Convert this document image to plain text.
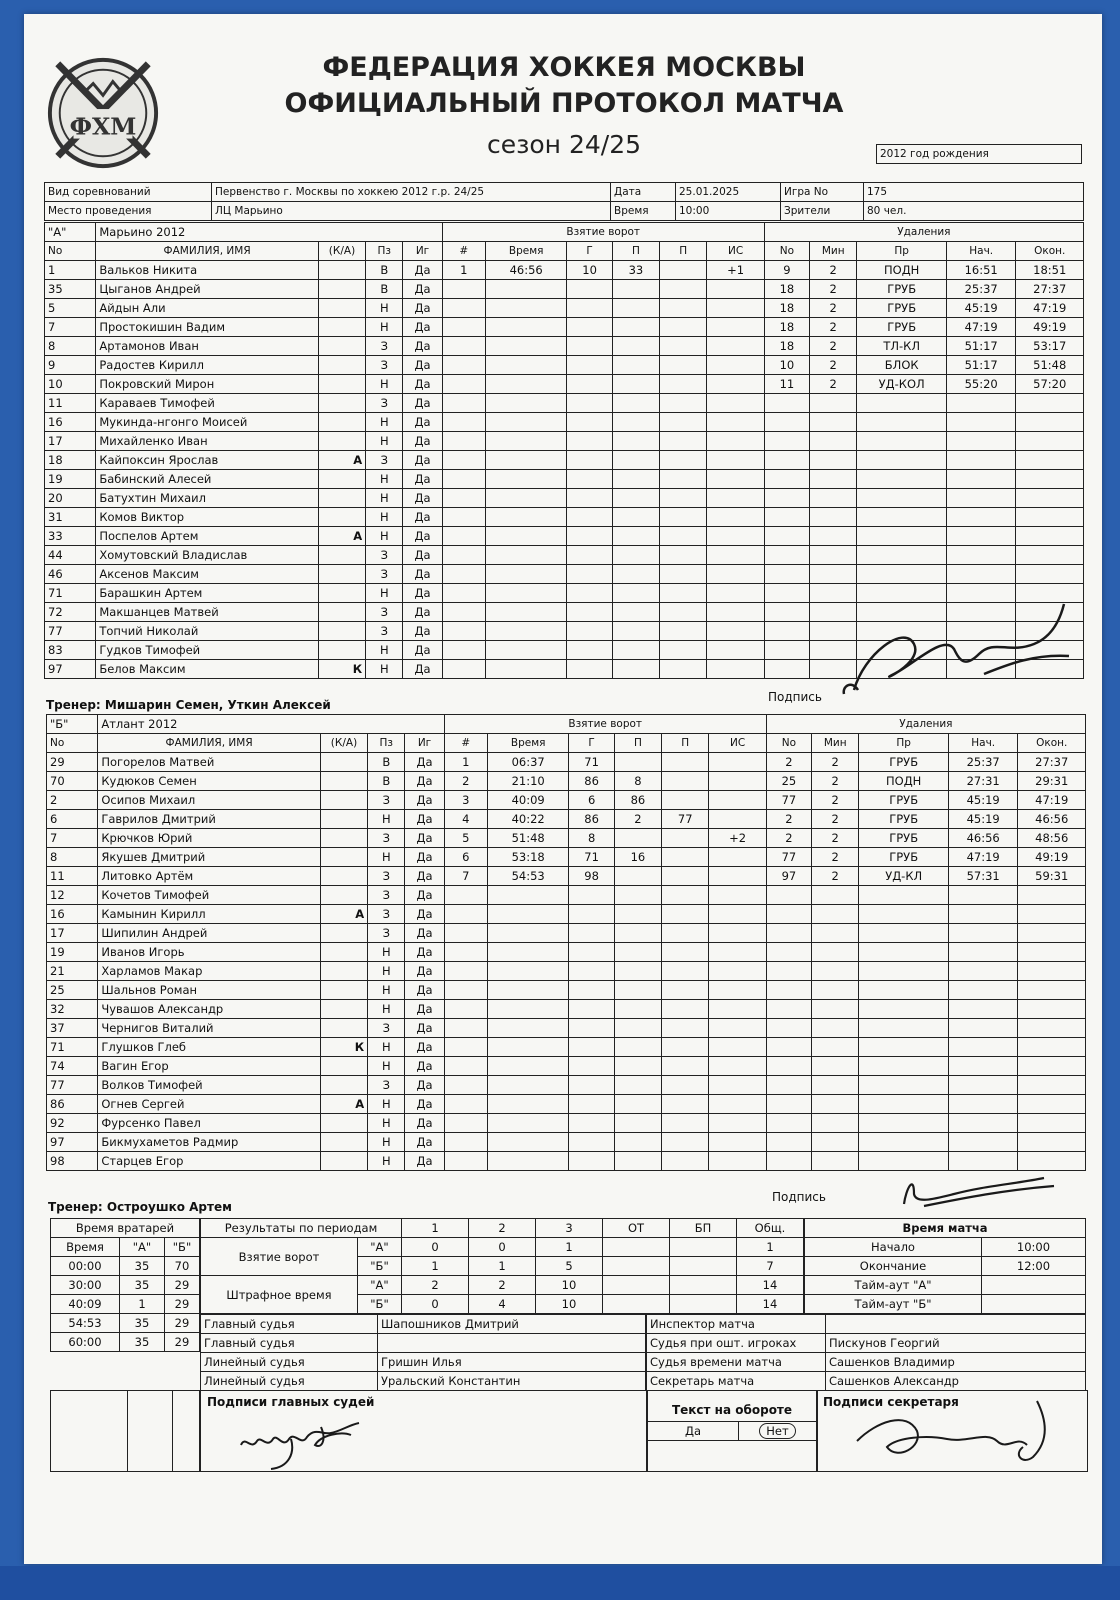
ФХМ
ФЕДЕРАЦИЯ ХОККЕЯ МОСКВЫ
ОФИЦИАЛЬНЫЙ ПРОТОКОЛ МАТЧА
сезон 24/25	2012 год рождения
Вид соревнований	Первенство г. Москвы по хоккею 2012 г.р. 24/25	Дата	25.01.2025	Игра No	175
Место проведения	ЛЦ Марьино	Время	10:00	Зрители	80 чел.
"А"	Марьино 2012				Взятие ворот						Удаления				
No	ФАМИЛИЯ, ИМЯ	(К/А)	Пз	Иг	#	Время	Г	П	П	ИС	No	Мин	Пр	Нач.	Окон.
1	Вальков Никита		В	Да	1	46:56	10	33		+1	9	2	ПОДН	16:51	18:51
35	Цыганов Андрей		В	Да							18	2	ГРУБ	25:37	27:37
5	Айдын Али		Н	Да							18	2	ГРУБ	45:19	47:19
7	Простокишин Вадим		Н	Да							18	2	ГРУБ	47:19	49:19
8	Артамонов Иван		З	Да							18	2	ТЛ-КЛ	51:17	53:17
9	Радостев Кирилл		З	Да							10	2	БЛОК	51:17	51:48
10	Покровский Мирон		Н	Да							11	2	УД-КОЛ	55:20	57:20
11	Караваев Тимофей		З	Да											
16	Мукинда-нгонго Моисей		Н	Да											
17	Михайленко Иван		Н	Да											
18	Кайпоксин Ярослав	А	З	Да											
19	Бабинский Алесей		Н	Да											
20	Батухтин Михаил		Н	Да											
31	Комов Виктор		Н	Да											
33	Поспелов Артем	А	Н	Да											
44	Хомутовский Владислав		З	Да											
46	Аксенов Максим		З	Да											
71	Барашкин Артем		Н	Да											
72	Макшанцев Матвей		З	Да											
77	Топчий Николай		З	Да											
83	Гудков Тимофей		Н	Да											
97	Белов Максим	К	Н	Да											
Подпись
Тренер: Мишарин Семен, Уткин Алексей
"Б"	Атлант 2012				Взятие ворот						Удаления				
No	ФАМИЛИЯ, ИМЯ	(К/А)	Пз	Иг	#	Время	Г	П	П	ИС	No	Мин	Пр	Нач.	Окон.
29	Погорелов Матвей		В	Да	1	06:37	71				2	2	ГРУБ	25:37	27:37
70	Кудюков Семен		В	Да	2	21:10	86	8			25	2	ПОДН	27:31	29:31
2	Осипов Михаил		З	Да	3	40:09	6	86			77	2	ГРУБ	45:19	47:19
6	Гаврилов Дмитрий		Н	Да	4	40:22	86	2	77		2	2	ГРУБ	45:19	46:56
7	Крючков Юрий		З	Да	5	51:48	8			+2	2	2	ГРУБ	46:56	48:56
8	Якушев Дмитрий		Н	Да	6	53:18	71	16			77	2	ГРУБ	47:19	49:19
11	Литовко Артём		З	Да	7	54:53	98				97	2	УД-КЛ	57:31	59:31
12	Кочетов Тимофей		З	Да											
16	Камынин Кирилл	А	З	Да											
17	Шипилин Андрей		З	Да											
19	Иванов Игорь		Н	Да											
21	Харламов Макар		Н	Да											
25	Шальнов Роман		Н	Да											
32	Чувашов Александр		Н	Да											
37	Чернигов Виталий		З	Да											
71	Глушков Глеб	К	Н	Да											
74	Вагин Егор		Н	Да											
77	Волков Тимофей		З	Да											
86	Огнев Сергей	А	Н	Да											
92	Фурсенко Павел		Н	Да											
97	Бикмухаметов Радмир		Н	Да											
98	Старцев Егор		Н	Да											
Подпись
Тренер: Остроушко Артем
Время вратарей		
Время	"А"	"Б"
00:00	35	70
30:00	35	29
40:09	1	29
54:53	35	29
60:00	35	29
Результаты по периодам		1	2	3	ОТ	БП	Общ.
Взятие ворот	"А"	0	0	1			1
	"Б"	1	1	5			7
Штрафное время	"А"	2	2	10			14
	"Б"	0	4	10			14
Время матча	
Начало	10:00
Окончание	12:00
Тайм-аут "А"	
Тайм-аут "Б"	
Главный судья	Шапошников Дмитрий
Главный судья	
Линейный судья	Гришин Илья
Линейный судья	Уральский Константин
Инспектор матча	
Судья при ошт. игроках	Пискунов Георгий
Судья времени матча	Сашенков Владимир
Секретарь матча	Сашенков Александр

Подписи главных судей
Текст на обороте
Да	Нет
Подписи секретаря
